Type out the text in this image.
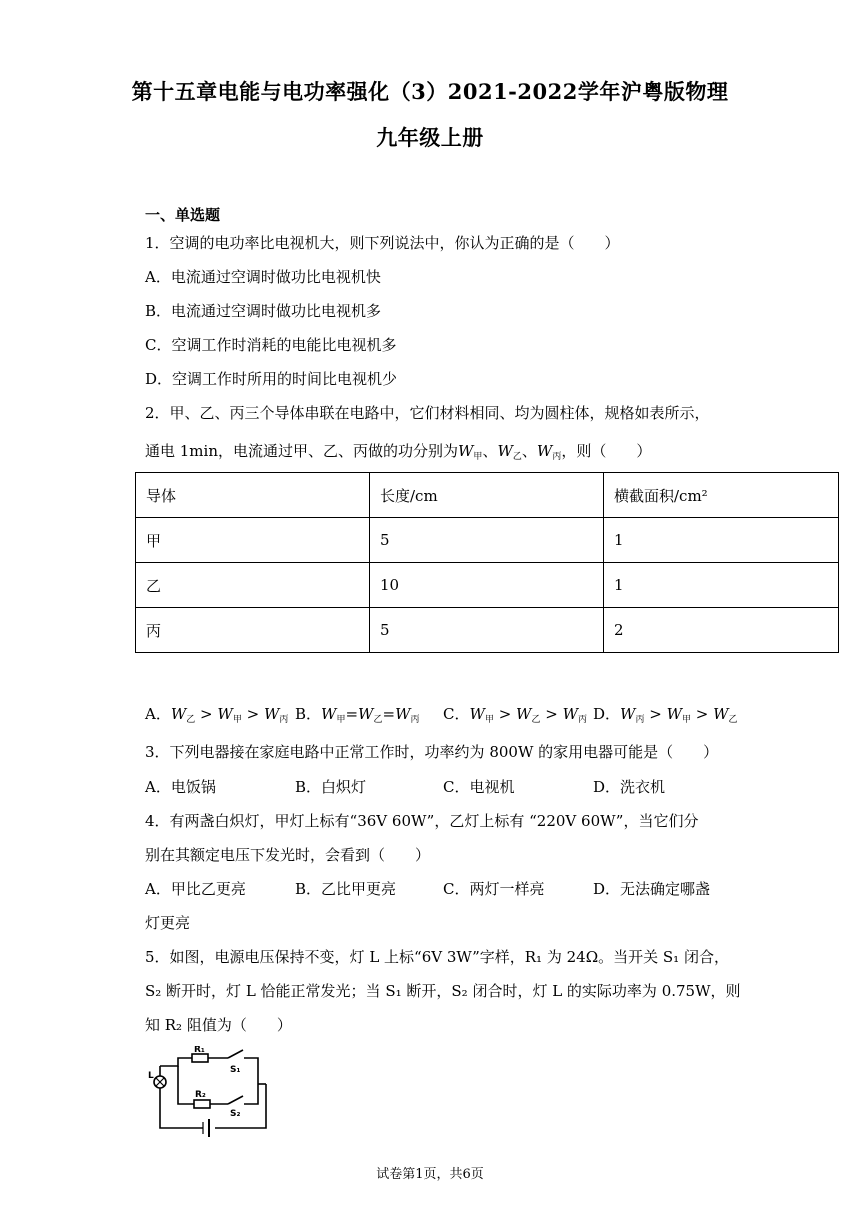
第十五章电能与电功率强化（3）2021-2022学年沪粤版物理
九年级上册
一、单选题
1．空调的电功率比电视机大，则下列说法中，你认为正确的是（　　）
A．电流通过空调时做功比电视机快
B．电流通过空调时做功比电视机多
C．空调工作时消耗的电能比电视机多
D．空调工作时所用的时间比电视机少
2．甲、乙、丙三个导体串联在电路中，它们材料相同、均为圆柱体，规格如表所示，
通电 1min，电流通过甲、乙、丙做的功分别为$W_甲$、$W_乙$、$W_丙$，则（　　）
导体	长度/cm	横截面积/cm²
甲	5	1
乙	10	1
丙	5	2
A．$W_乙 > W_甲 > W_丙$ B．$W_甲=W_乙=W_丙$ C．$W_甲 > W_乙 > W_丙$ D．$W_丙 > W_甲 > W_乙$
3．下列电器接在家庭电路中正常工作时，功率约为 800W 的家用电器可能是（　　）
A．电饭锅	B．白炽灯	C．电视机	D．洗衣机
4．有两盏白炽灯，甲灯上标有“36V 60W”，乙灯上标有 “220V 60W”，当它们分
别在其额定电压下发光时，会看到（　　）
A．甲比乙更亮	B．乙比甲更亮	C．两灯一样亮	D．无法确定哪盏
灯更亮
5．如图，电源电压保持不变，灯 L 上标“6V 3W”字样，R₁ 为 24Ω。当开关 S₁ 闭合，
S₂ 断开时，灯 L 恰能正常发光；当 S₁ 断开，S₂ 闭合时，灯 L 的实际功率为 0.75W，则
知 R₂ 阻值为（　　）
L
R₁
S₁
R₂
S₂
试卷第1页，共6页
